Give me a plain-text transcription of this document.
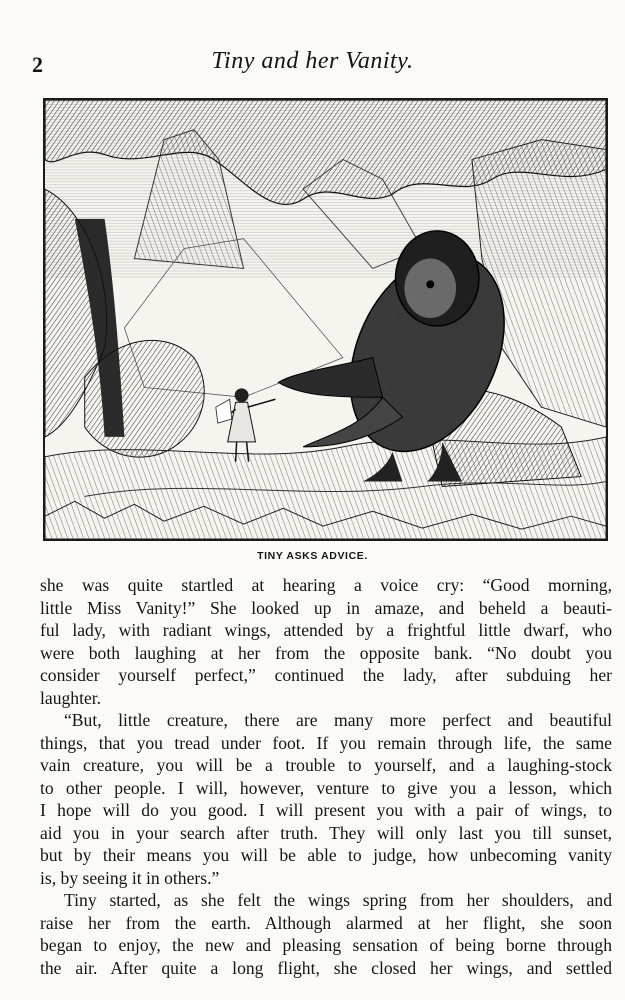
2	Tiny and her Vanity.
TINY ASKS ADVICE.
she was quite startled at hearing a voice cry: “Good morning,
little Miss Vanity!” She looked up in amaze, and beheld a beauti-
ful lady, with radiant wings, attended by a frightful little dwarf, who
were both laughing at her from the opposite bank. “No doubt you
consider yourself perfect,” continued the lady, after subduing her
laughter.
“But, little creature, there are many more perfect and beautiful
things, that you tread under foot. If you remain through life, the same
vain creature, you will be a trouble to yourself, and a laughing-stock
to other people. I will, however, venture to give you a lesson, which
I hope will do you good. I will present you with a pair of wings, to
aid you in your search after truth. They will only last you till sunset,
but by their means you will be able to judge, how unbecoming vanity
is, by seeing it in others.”
Tiny started, as she felt the wings spring from her shoulders, and
raise her from the earth. Although alarmed at her flight, she soon
began to enjoy, the new and pleasing sensation of being borne through
the air. After quite a long flight, she closed her wings, and settled
